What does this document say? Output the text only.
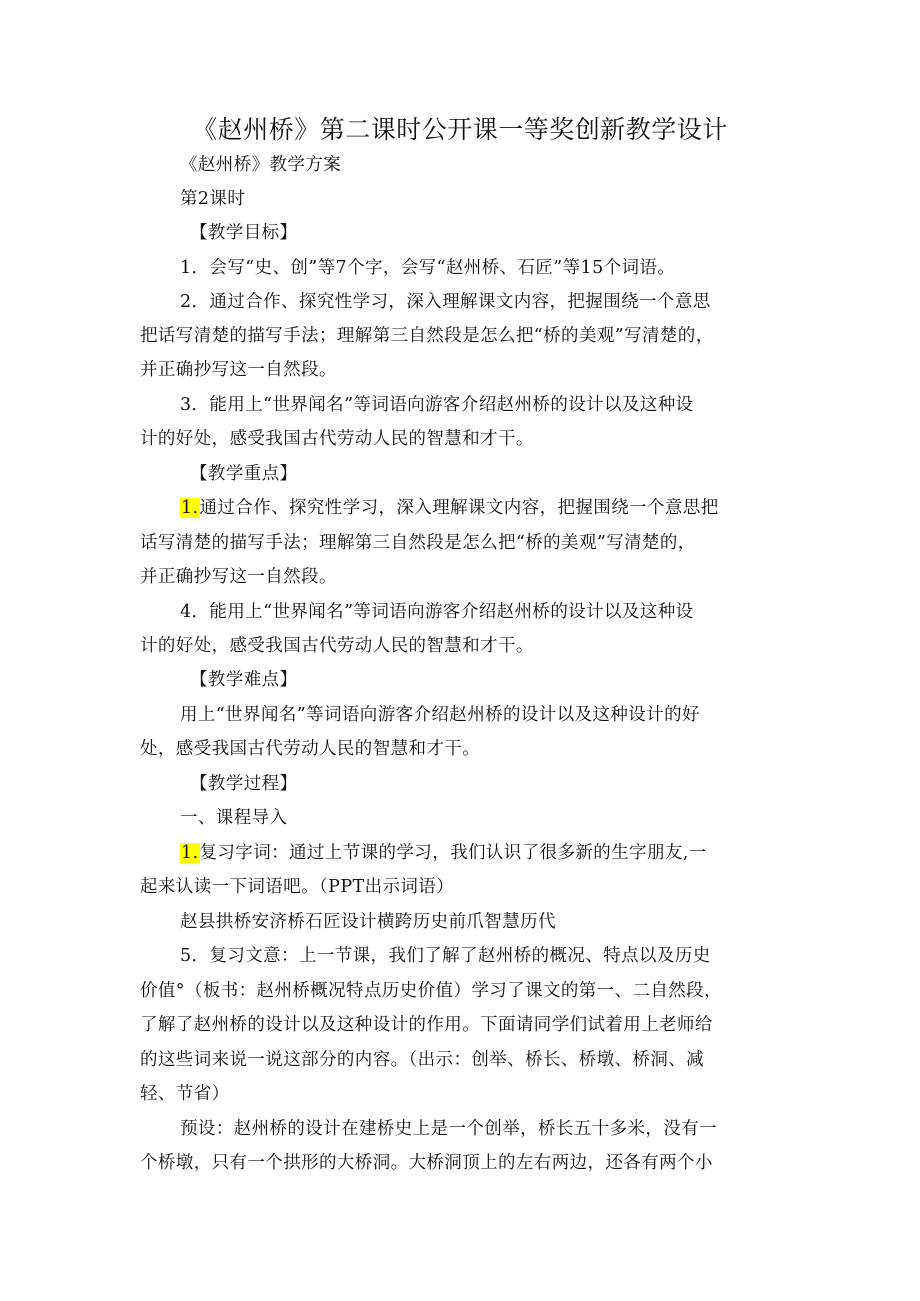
《赵州桥》第二课时公开课一等奖创新教学设计
《赵州桥》教学方案
第2课时
【教学目标】
1．会写“史、创”等7个字，会写“赵州桥、石匠”等15个词语。
2．通过合作、探究性学习，深入理解课文内容，把握围绕一个意思
把话写清楚的描写手法；理解第三自然段是怎么把“桥的美观”写清楚的，
并正确抄写这一自然段。
3．能用上“世界闻名”等词语向游客介绍赵州桥的设计以及这种设
计的好处，感受我国古代劳动人民的智慧和才干。
【教学重点】
1.通过合作、探究性学习，深入理解课文内容，把握围绕一个意思把
话写清楚的描写手法；理解第三自然段是怎么把“桥的美观”写清楚的，
并正确抄写这一自然段。
4．能用上“世界闻名”等词语向游客介绍赵州桥的设计以及这种设
计的好处，感受我国古代劳动人民的智慧和才干。
【教学难点】
用上“世界闻名”等词语向游客介绍赵州桥的设计以及这种设计的好
处，感受我国古代劳动人民的智慧和才干。
【教学过程】
一、课程导入
1.复习字词：通过上节课的学习，我们认识了很多新的生字朋友,一
起来认读一下词语吧。（PPT出示词语）
赵县拱桥安济桥石匠设计横跨历史前爪智慧历代
5．复习文意：上一节课，我们了解了赵州桥的概况、特点以及历史
价值°（板书：赵州桥概况特点历史价值）学习了课文的第一、二自然段，
了解了赵州桥的设计以及这种设计的作用。下面请同学们试着用上老师给
的这些词来说一说这部分的内容。（出示：创举、桥长、桥墩、桥洞、减
轻、节省）
预设：赵州桥的设计在建桥史上是一个创举，桥长五十多米，没有一
个桥墩，只有一个拱形的大桥洞。大桥洞顶上的左右两边，还各有两个小
